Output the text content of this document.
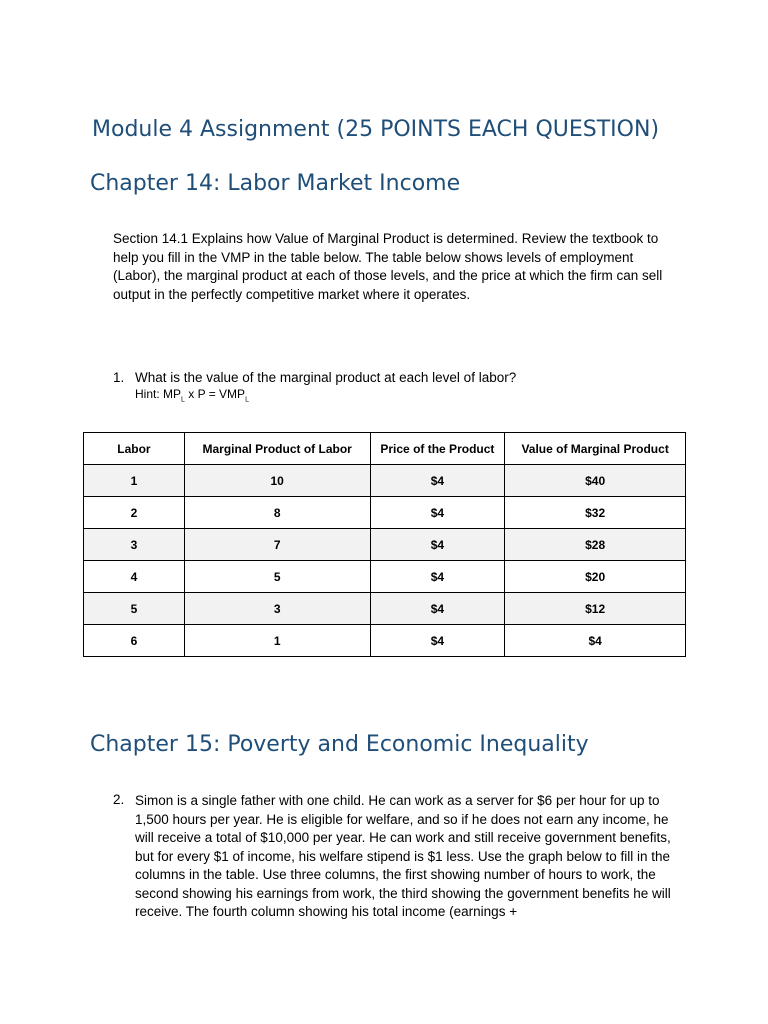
Module 4 Assignment (25 POINTS EACH QUESTION)
Chapter 14: Labor Market Income

Section 14.1 Explains how Value of Marginal Product is determined. Review the textbook to help you fill in the VMP in the table below. The table below shows levels of employment (Labor), the marginal product at each of those levels, and the price at which the firm can sell output in the perfectly competitive market where it operates.

1. What is the value of the marginal product at each level of labor?
Hint: $MP_L$ x $P = VMP_L$
Labor	Marginal Product of Labor	Price of the Product	Value of Marginal Product
1	10	$4	$40
2	8	$4	$32
3	7	$4	$28
4	5	$4	$20
5	3	$4	$12
6	1	$4	$4
Chapter 15: Poverty and Economic Inequality
2. Simon is a single father with one child. He can work as a server for $6 per hour for up to 1,500 hours per year. He is eligible for welfare, and so if he does not earn any income, he will receive a total of $10,000 per year. He can work and still receive government benefits, but for every $1 of income, his welfare stipend is $1 less. Use the graph below to fill in the columns in the table. Use three columns, the first showing number of hours to work, the second showing his earnings from work, the third showing the government benefits he will receive. The fourth column showing his total income (earnings +
